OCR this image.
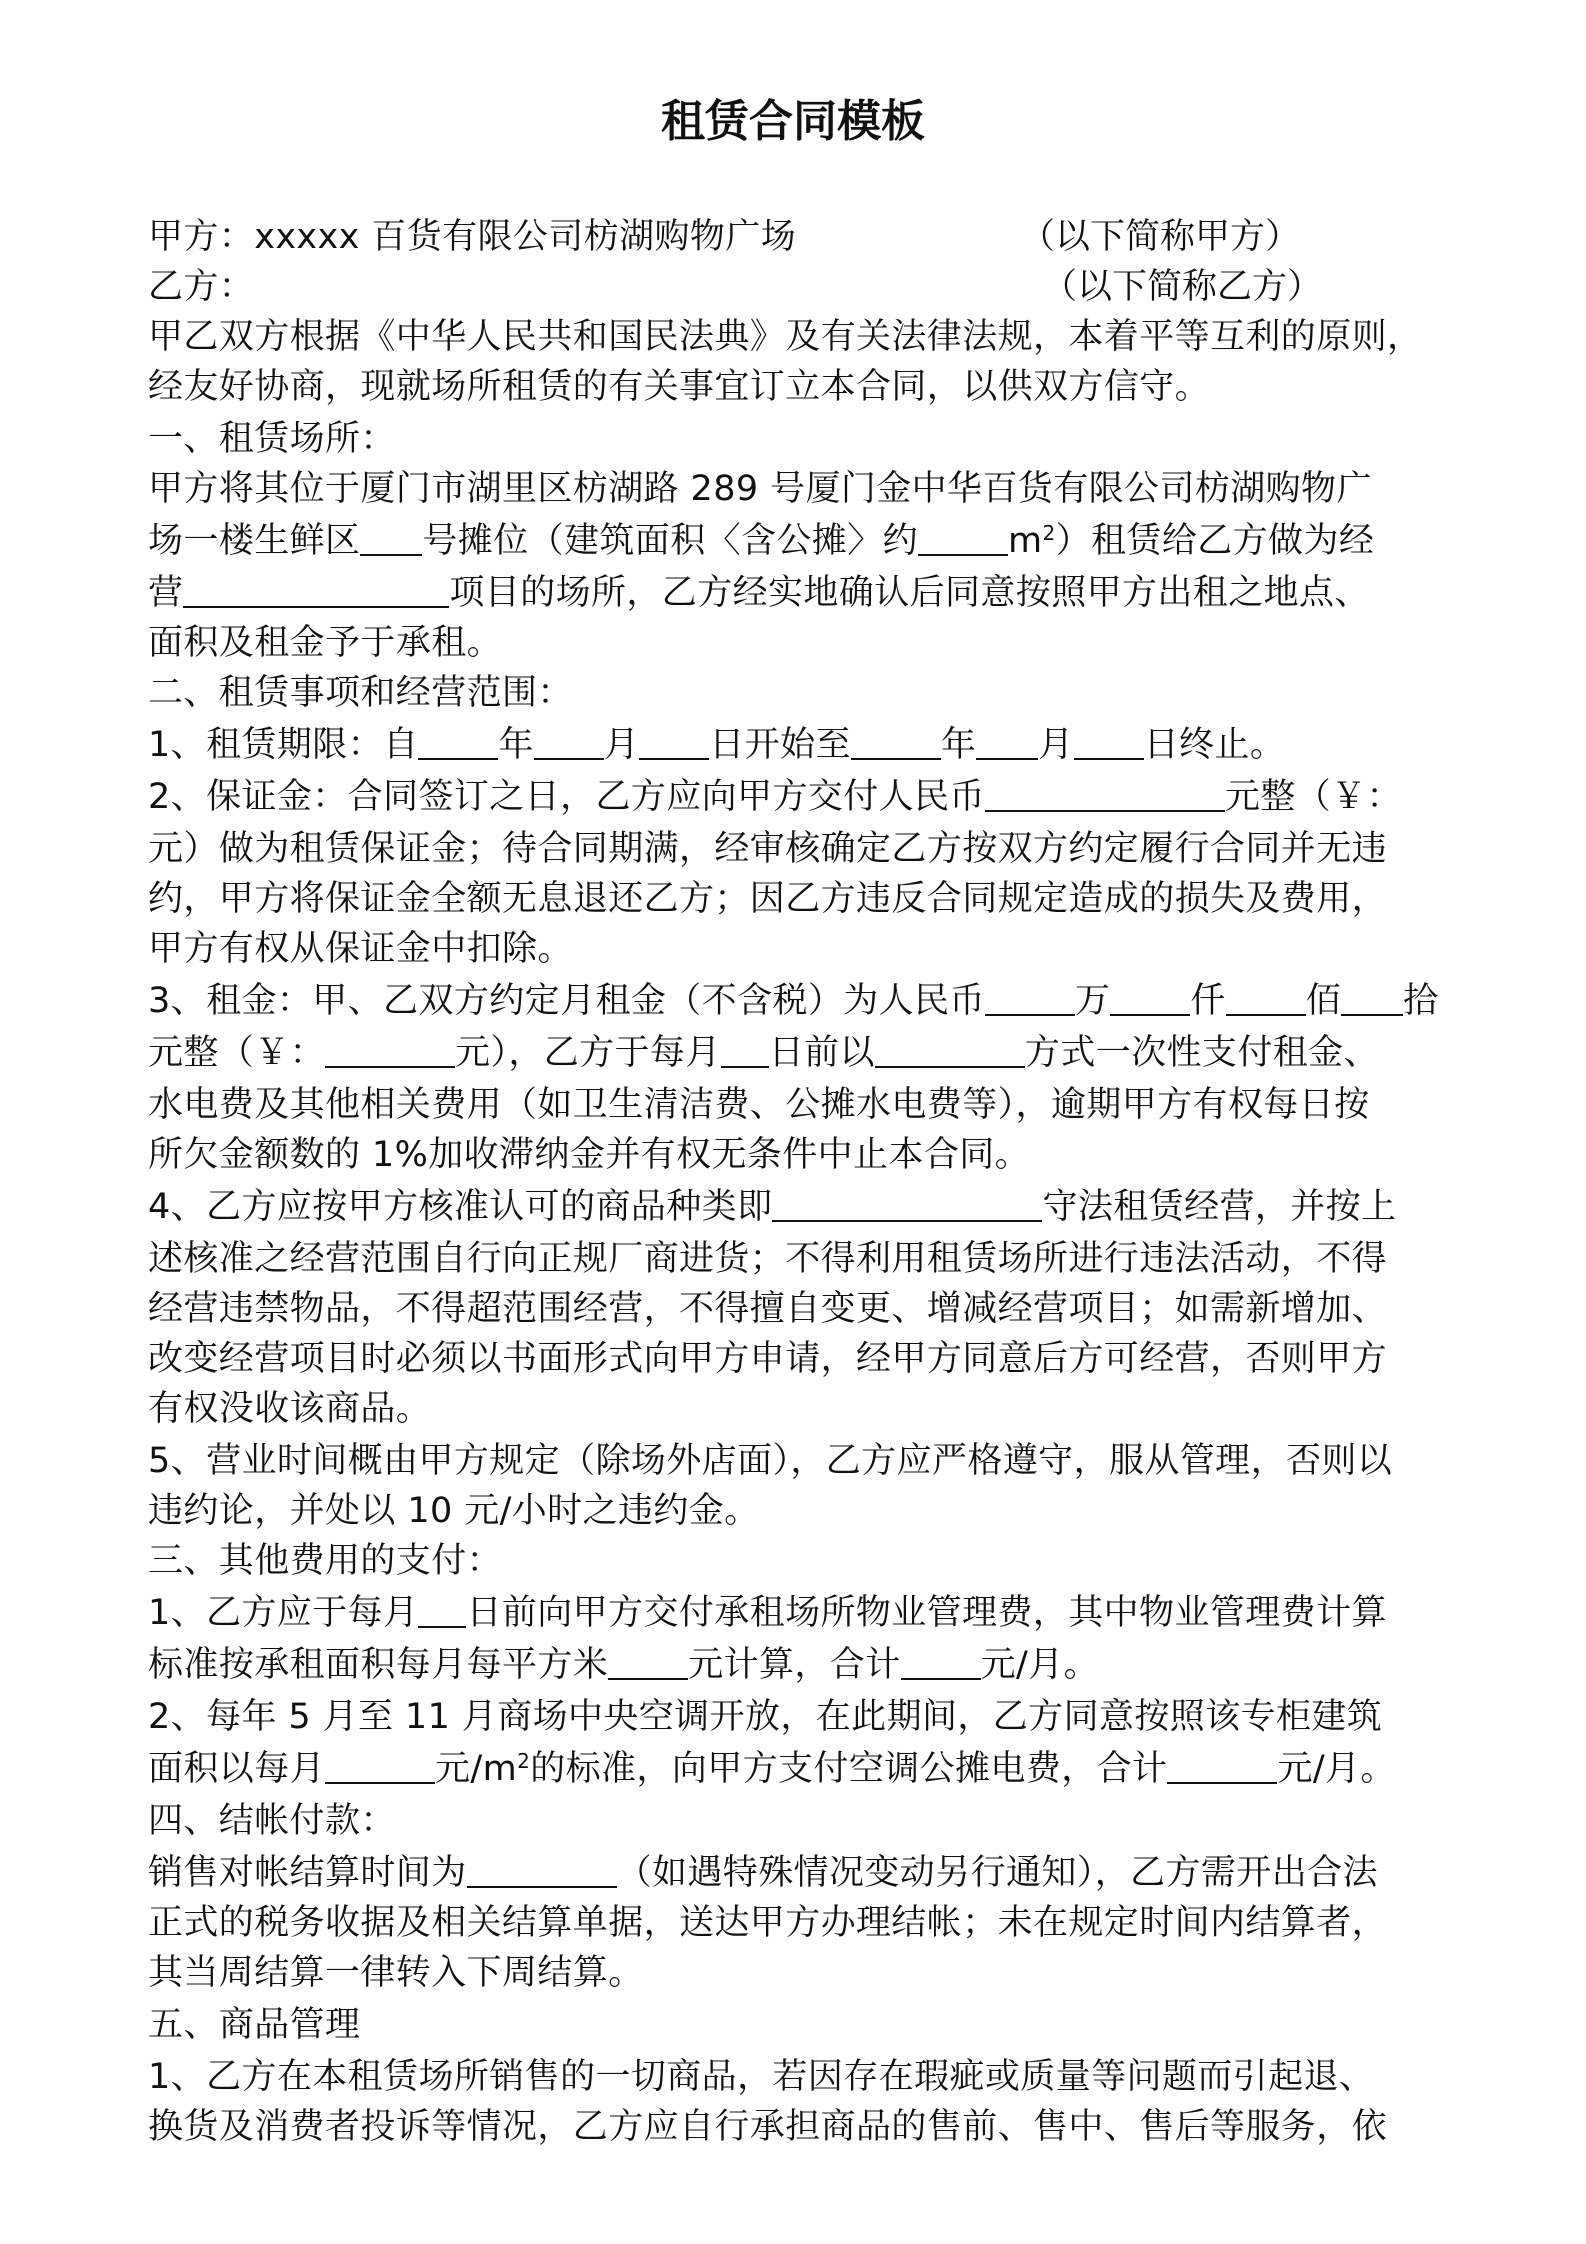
租赁合同模板
甲方：xxxxx 百货有限公司枋湖购物广场	（以下简称甲方）
乙方：	（以下简称乙方）
甲乙双方根据《中华人民共和国民法典》及有关法律法规，本着平等互利的原则，
经友好协商，现就场所租赁的有关事宜订立本合同，以供双方信守。
一、租赁场所：
甲方将其位于厦门市湖里区枋湖路 289 号厦门金中华百货有限公司枋湖购物广
场一楼生鲜区 号摊位（建筑面积〈含公摊〉约	$m^2$）租赁给乙方做为经
营	项目的场所，乙方经实地确认后同意按照甲方出租之地点、
面积及租金予于承租。
二、租赁事项和经营范围：
1、租赁期限：自 年 月 日开始至	年 月 日终止。
2、保证金：合同签订之日，乙方应向甲方交付人民币	元整（￥：
元）做为租赁保证金；待合同期满，经审核确定乙方按双方约定履行合同并无违
约，甲方将保证金全额无息退还乙方；因乙方违反合同规定造成的损失及费用，
甲方有权从保证金中扣除。
3、租金：甲、乙双方约定月租金（不含税）为人民币	万 仟 佰 拾
元整（￥：	元），乙方于每月 日前以	方式一次性支付租金、
水电费及其他相关费用（如卫生清洁费、公摊水电费等），逾期甲方有权每日按
所欠金额数的 1%加收滞纳金并有权无条件中止本合同。
4、乙方应按甲方核准认可的商品种类即	守法租赁经营，并按上
述核准之经营范围自行向正规厂商进货；不得利用租赁场所进行违法活动，不得
经营违禁物品，不得超范围经营，不得擅自变更、增减经营项目；如需新增加、
改变经营项目时必须以书面形式向甲方申请，经甲方同意后方可经营，否则甲方
有权没收该商品。
5、营业时间概由甲方规定（除场外店面），乙方应严格遵守，服从管理，否则以
违约论，并处以 10 元/小时之违约金。
三、其他费用的支付：
1、乙方应于每月 日前向甲方交付承租场所物业管理费，其中物业管理费计算
标准按承租面积每月每平方米 元计算，合计 元/月。
2、每年 5 月至 11 月商场中央空调开放，在此期间，乙方同意按照该专柜建筑
面积以每月	元$/m^2$的标准，向甲方支付空调公摊电费，合计	元/月。
四、结帐付款：
销售对帐结算时间为	（如遇特殊情况变动另行通知），乙方需开出合法
正式的税务收据及相关结算单据，送达甲方办理结帐；未在规定时间内结算者，
其当周结算一律转入下周结算。
五、商品管理
1、乙方在本租赁场所销售的一切商品，若因存在瑕疵或质量等问题而引起退、
换货及消费者投诉等情况，乙方应自行承担商品的售前、售中、售后等服务，依
